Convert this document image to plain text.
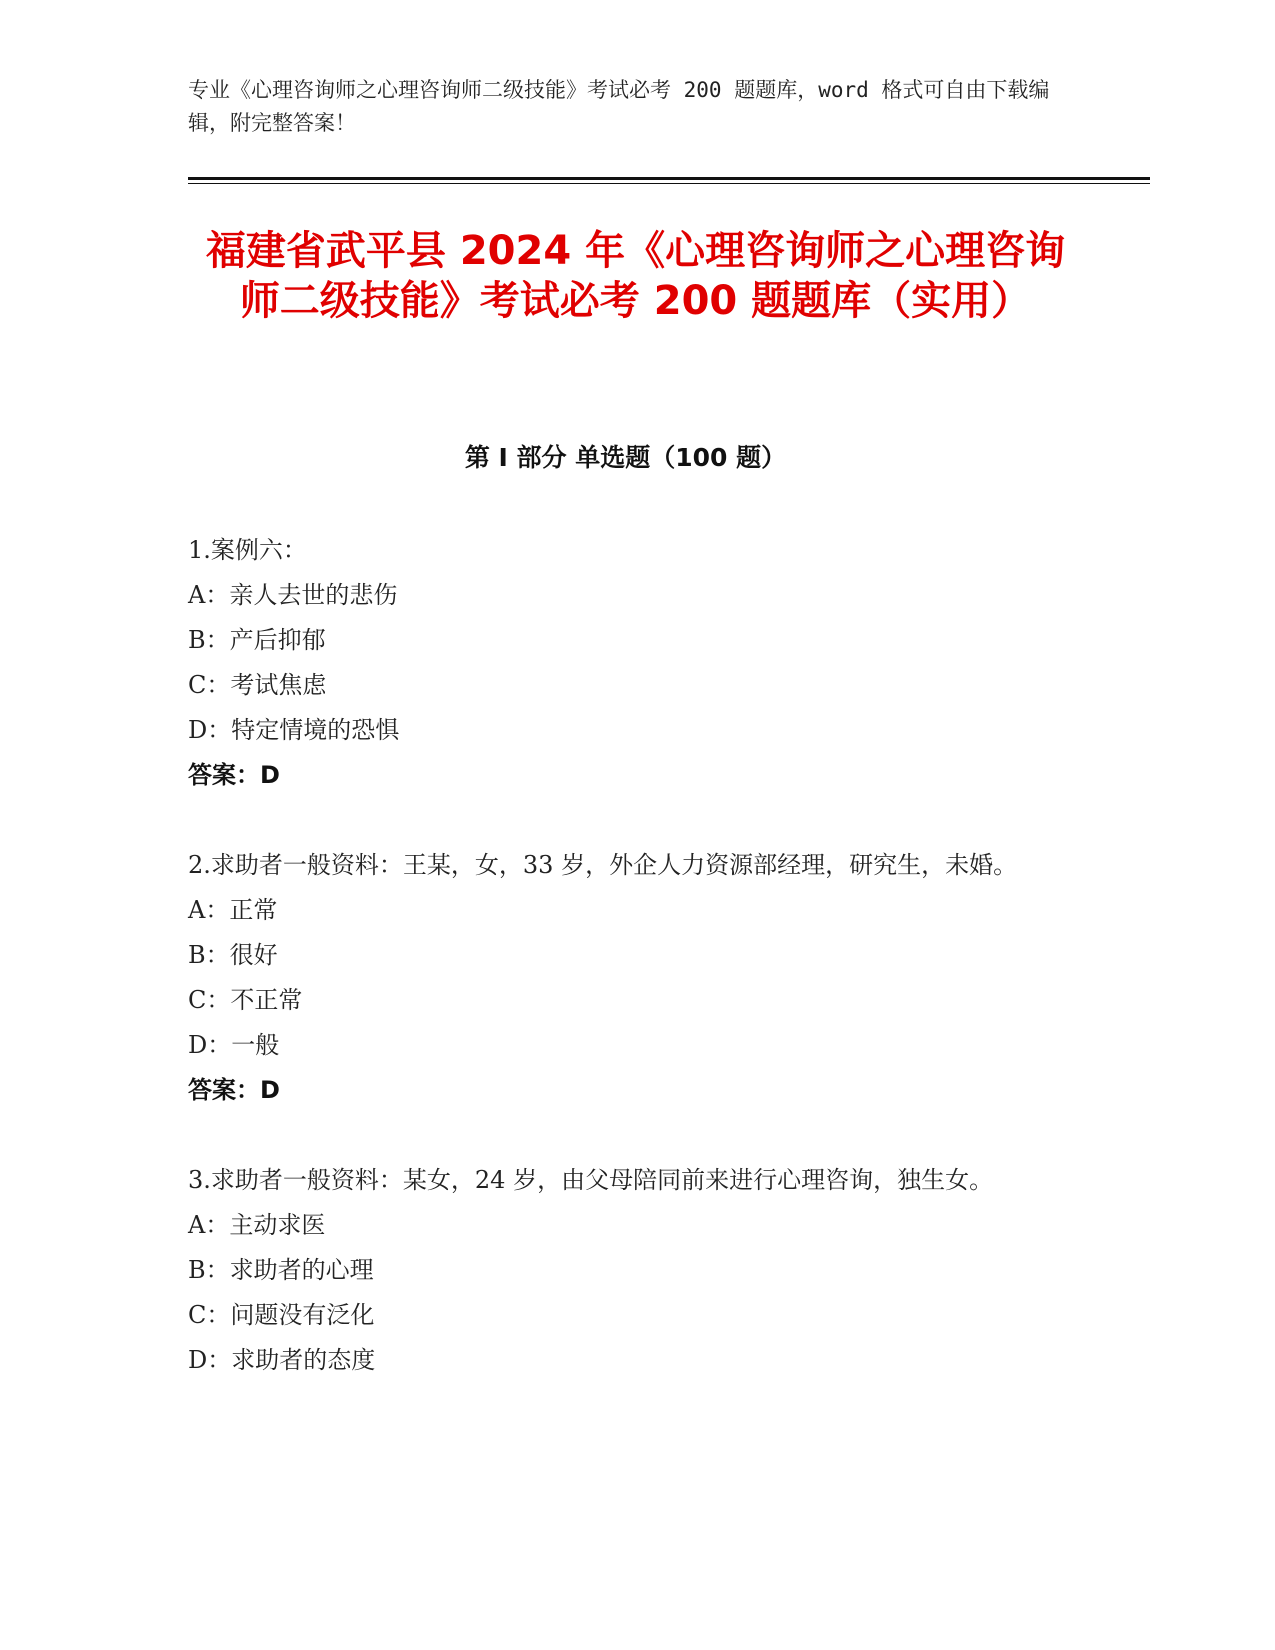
专业《心理咨询师之心理咨询师二级技能》考试必考 200 题题库，word 格式可自由下载编辑，附完整答案！
福建省武平县 2024 年《心理咨询师之心理咨询师二级技能》考试必考 200 题题库（实用）
第 I 部分 单选题（100 题）
1.案例六：
A：亲人去世的悲伤
B：产后抑郁
C：考试焦虑
D：特定情境的恐惧
答案：D
2.求助者一般资料：王某，女，33 岁，外企人力资源部经理，研究生，未婚。
A：正常
B：很好
C：不正常
D：一般
答案：D
3.求助者一般资料：某女，24 岁，由父母陪同前来进行心理咨询，独生女。
A：主动求医
B：求助者的心理
C：问题没有泛化
D：求助者的态度
